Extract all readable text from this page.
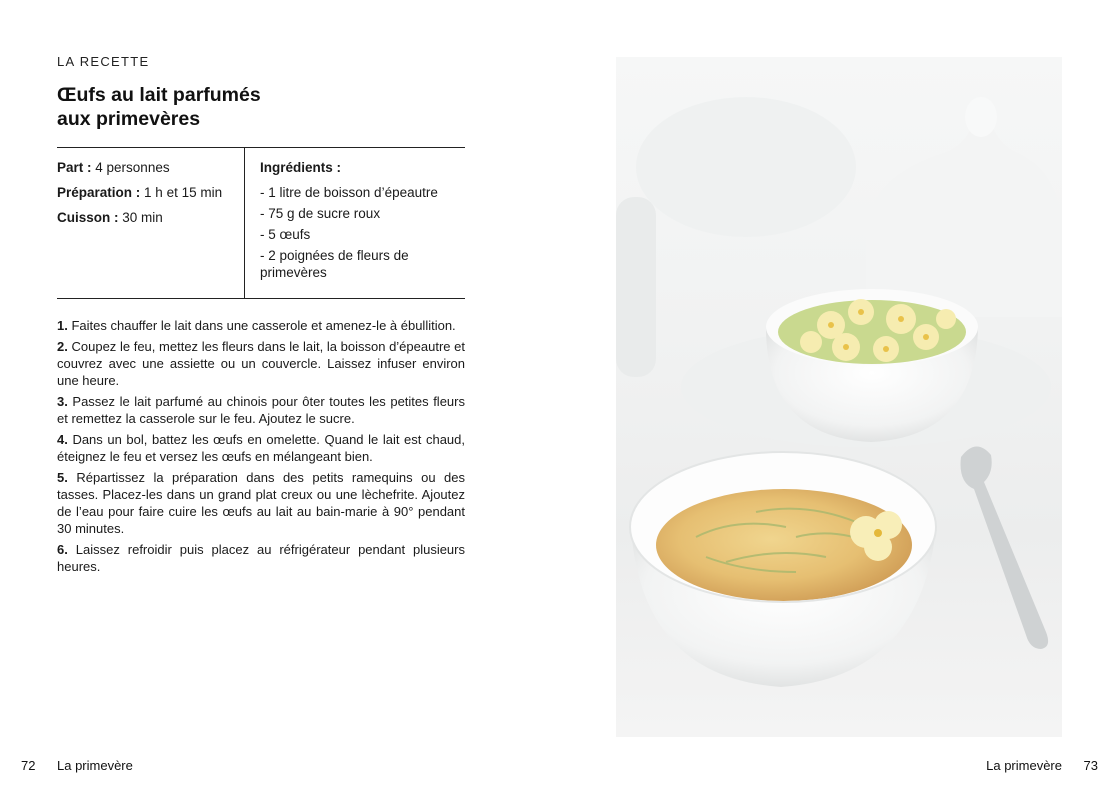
LA RECETTE
Œufs au lait parfumés
aux primevères
Part : 4 personnes
Préparation : 1 h et 15 min
Cuisson : 30 min
Ingrédients :
- 1 litre de boisson d’épeautre
- 75 g de sucre roux
- 5 œufs
- 2 poignées de fleurs de primevères

1. Faites chauffer le lait dans une casserole et amenez-le à ébullition.

2. Coupez le feu, mettez les fleurs dans le lait, la boisson d’épeautre et couvrez avec une assiette ou un couvercle. Laissez infuser environ une heure.

3. Passez le lait parfumé au chinois pour ôter toutes les petites fleurs et remettez la casserole sur le feu. Ajoutez le sucre.

4. Dans un bol, battez les œufs en omelette. Quand le lait est chaud, éteignez le feu et versez les œufs en mélangeant bien.

5. Répartissez la préparation dans des petits ramequins ou des tasses. Placez-les dans un grand plat creux ou une lèchefrite. Ajoutez de l’eau pour faire cuire les œufs au lait au bain-marie à 90° pendant 30 minutes.

6. Laissez refroidir puis placez au réfrigérateur pendant plusieurs heures.

72 La primevère	La primevère 73
